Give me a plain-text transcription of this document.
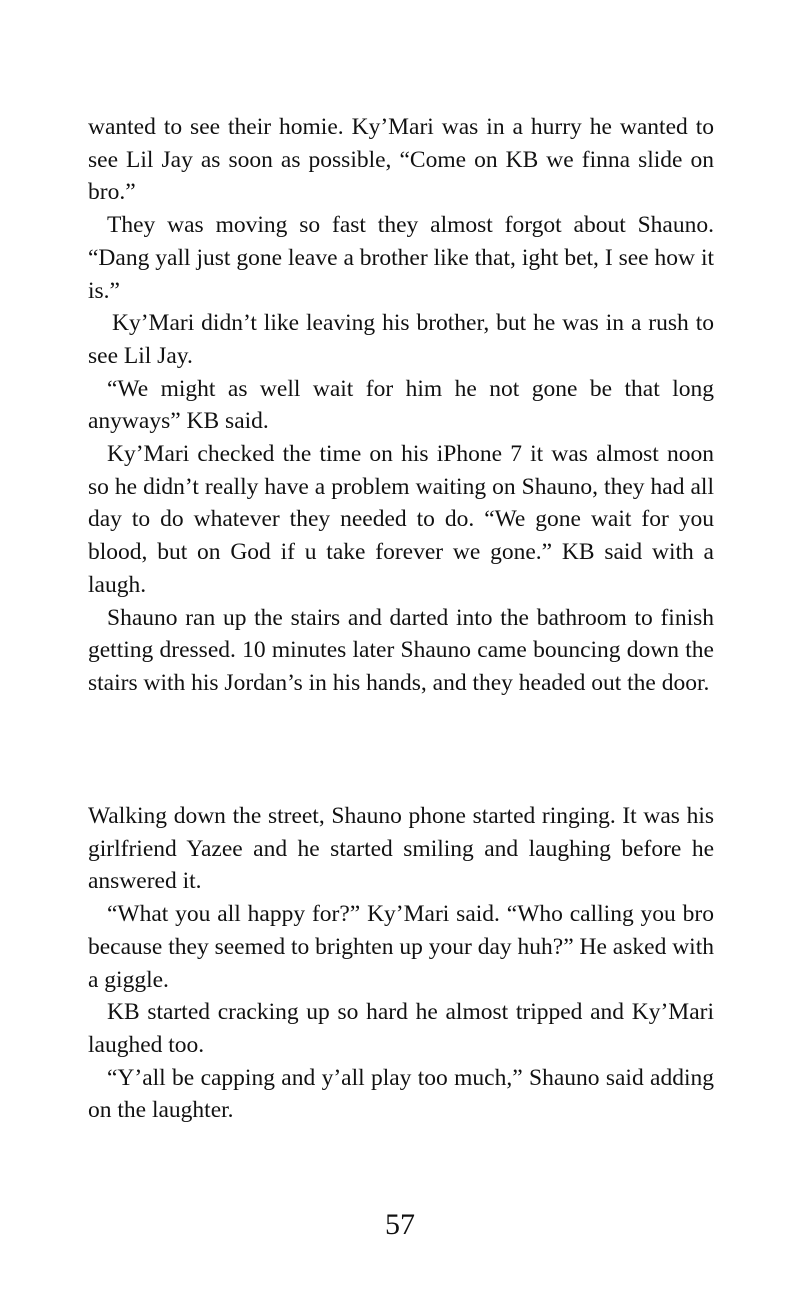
wanted to see their homie. Ky’Mari was in a hurry he wanted to see Lil Jay as soon as possible, “Come on KB we finna slide on bro.”

They was moving so fast they almost forgot about Shauno. “Dang yall just gone leave a brother like that, ight bet, I see how it is.”

Ky’Mari didn’t like leaving his brother, but he was in a rush to see Lil Jay.

“We might as well wait for him he not gone be that long anyways” KB said.

Ky’Mari checked the time on his iPhone 7 it was almost noon so he didn’t really have a problem waiting on Shauno, they had all day to do whatever they needed to do. “We gone wait for you blood, but on God if u take forever we gone.” KB said with a laugh.

Shauno ran up the stairs and darted into the bathroom to finish getting dressed. 10 minutes later Shauno came bouncing down the stairs with his Jordan’s in his hands, and they headed out the door.

Walking down the street, Shauno phone started ringing. It was his girlfriend Yazee and he started smiling and laughing before he answered it.

“What you all happy for?” Ky’Mari said. “Who calling you bro because they seemed to brighten up your day huh?” He asked with a giggle.

KB started cracking up so hard he almost tripped and Ky’Mari laughed too.

“Y’all be capping and y’all play too much,” Shauno said adding on the laughter.

57
